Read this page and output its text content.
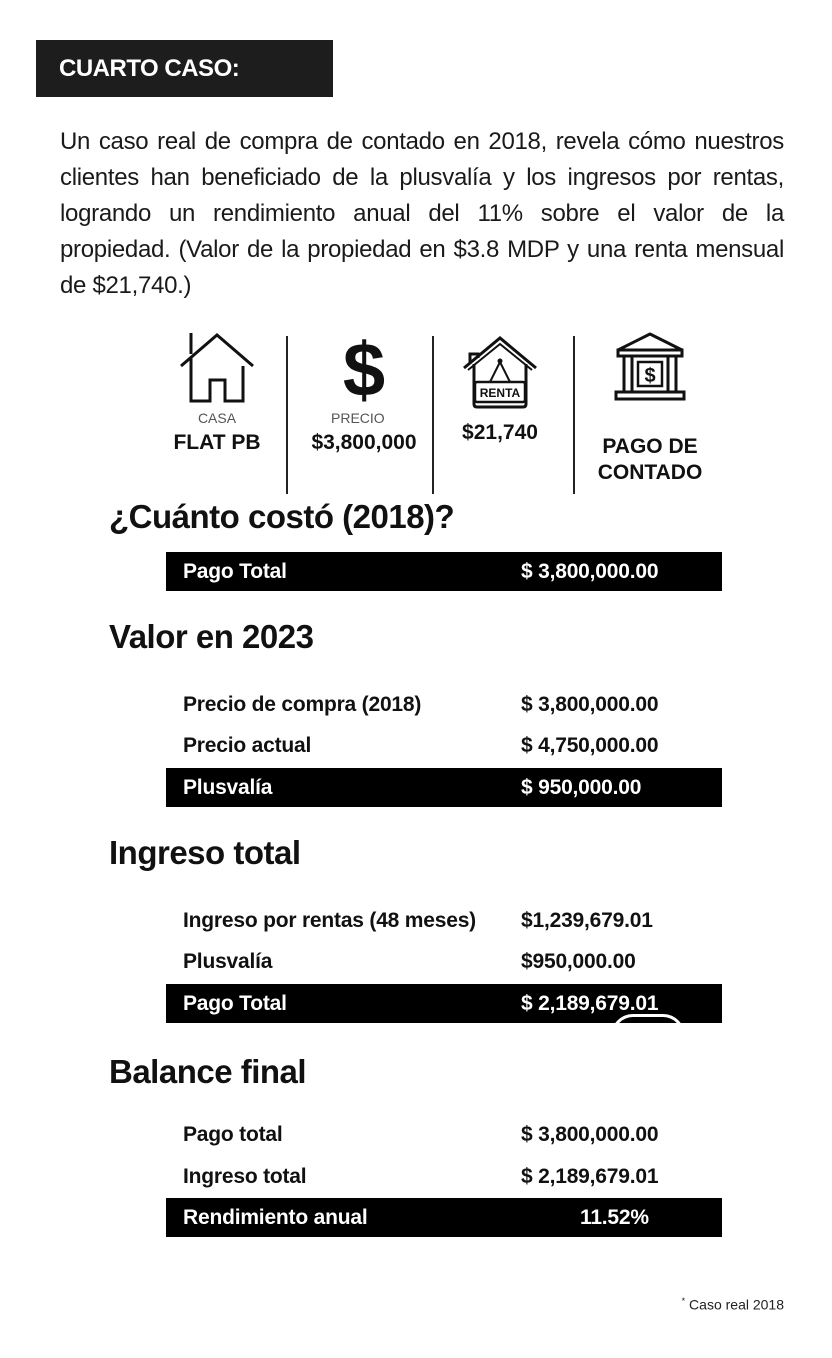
CUARTO CASO:

Un caso real de compra de contado en 2018, revela cómo nuestros clientes han beneficiado de la plusvalía y los ingresos por rentas, logrando un rendimiento anual del 11% sobre el valor de la propiedad. (Valor de la propiedad en $3.8 MDP y una renta mensual de $21,740.)

CASA
FLAT PB
$
PRECIO
$3,800,000
RENTA
$21,740
$
PAGO DE
CONTADO
¿Cuánto costó (2018)?
Pago Total	$ 3,800,000.00
Valor en 2023
Precio de compra (2018)	$ 3,800,000.00
Precio actual	$ 4,750,000.00
Plusvalía	$ 950,000.00
Ingreso total
Ingreso por rentas (48 meses) $1,239,679.01
Plusvalía	$950,000.00
Pago Total	$ 2,189,679.01
Balance final
Pago total	$ 3,800,000.00
Ingreso total	$ 2,189,679.01
Rendimiento anual	11.52%
* Caso real 2018
